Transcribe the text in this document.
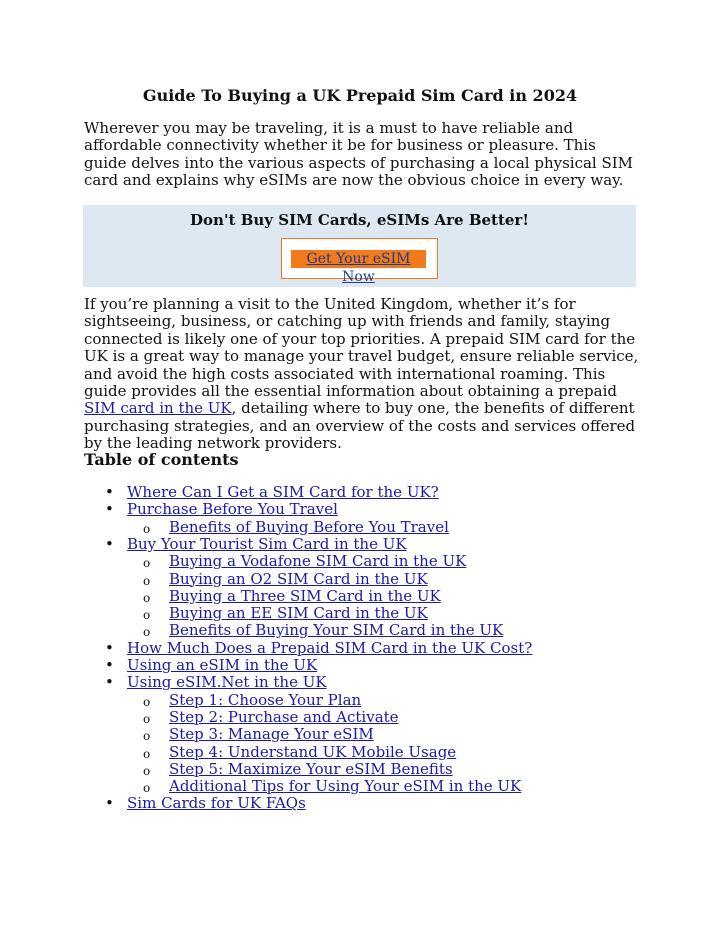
Guide To Buying a UK Prepaid Sim Card in 2024

Wherever you may be traveling, it is a must to have reliable and affordable connectivity whether it be for business or pleasure. This guide delves into the various aspects of purchasing a local physical SIM card and explains why eSIMs are now the obvious choice in every way.

Don't Buy SIM Cards, eSIMs Are Better!

Get Your eSIM Now

If you’re planning a visit to the United Kingdom, whether it’s for sightseeing, business, or catching up with friends and family, staying connected is likely one of your top priorities. A prepaid SIM card for the UK is a great way to manage your travel budget, ensure reliable service, and avoid the high costs associated with international roaming. This guide provides all the essential information about obtaining a prepaid SIM card in the UK, detailing where to buy one, the benefits of different purchasing strategies, and an overview of the costs and services offered by the leading network providers.

Table of contents
• Where Can I Get a SIM Card for the UK?
• Purchase Before You Travel
o Benefits of Buying Before You Travel
• Buy Your Tourist Sim Card in the UK
o Buying a Vodafone SIM Card in the UK
o Buying an O2 SIM Card in the UK
o Buying a Three SIM Card in the UK
o Buying an EE SIM Card in the UK
o Benefits of Buying Your SIM Card in the UK
• How Much Does a Prepaid SIM Card in the UK Cost?
• Using an eSIM in the UK
• Using eSIM.Net in the UK
o Step 1: Choose Your Plan
o Step 2: Purchase and Activate
o Step 3: Manage Your eSIM
o Step 4: Understand UK Mobile Usage
o Step 5: Maximize Your eSIM Benefits
o Additional Tips for Using Your eSIM in the UK
• Sim Cards for UK FAQs
